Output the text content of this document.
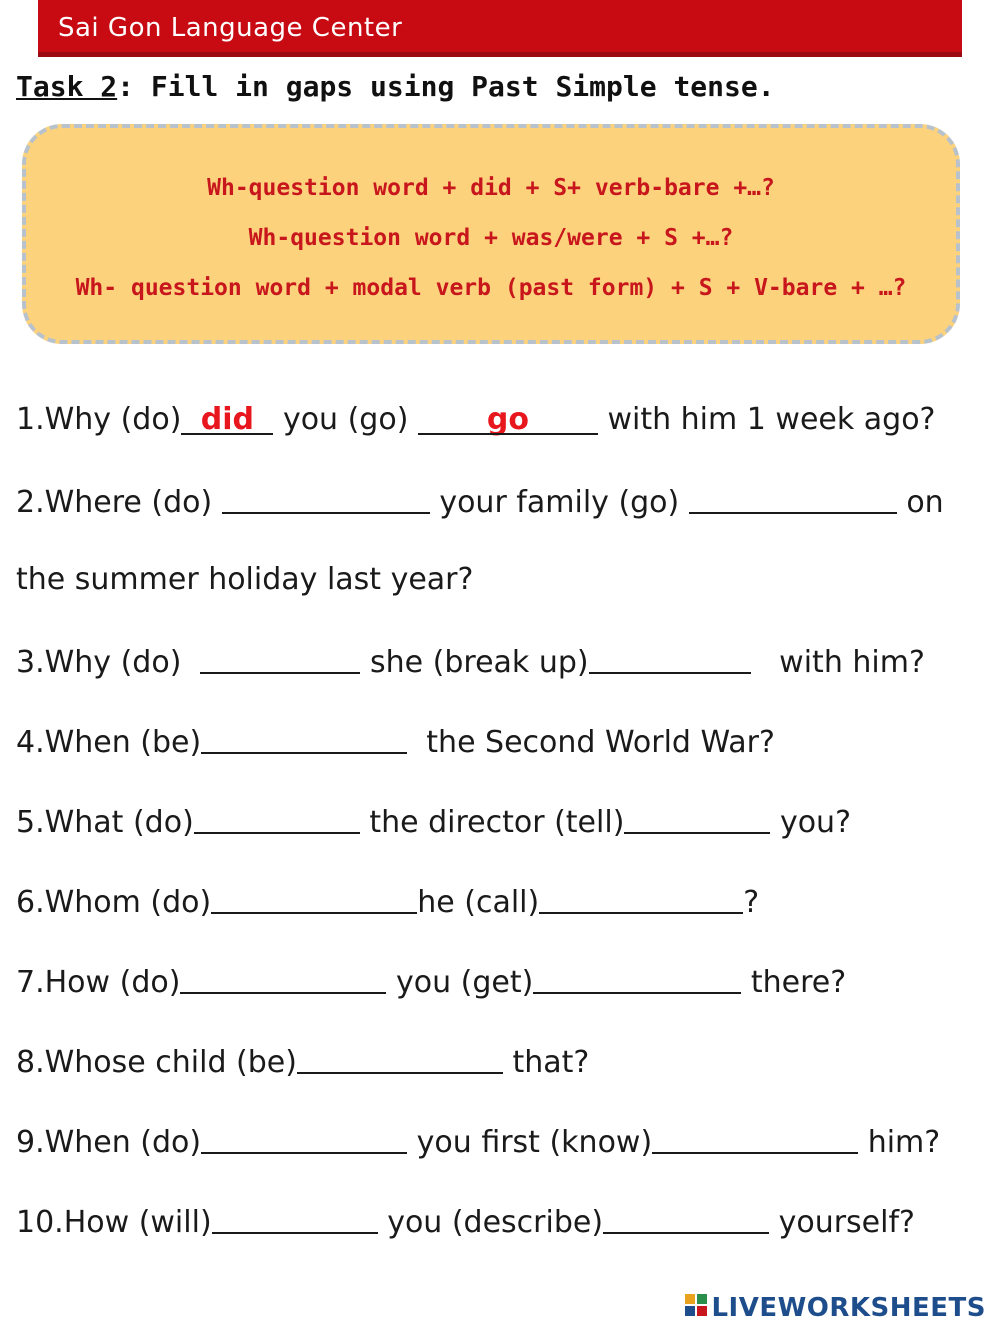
Sai Gon Language Center
Task 2: Fill in gaps using Past Simple tense.
Wh-question word + did + S+ verb-bare +…?
Wh-question word + was/were + S +…?
Wh- question word + modal verb (past form) + S + V-bare + …?
1.Why (do) did you (go) go with him 1 week ago?
2.Where (do)	your family (go)	on
the summer holiday last year?
3.Why (do)	she (break up)	with him?
4.When (be)	the Second World War?
5.What (do)	the director (tell)	you?
6.Whom (do)	he (call)	?
7.How (do)	you (get)	there?
8.Whose child (be)	that?
9.When (do)	you first (know)	him?
10.How (will)	you (describe)	yourself?
LIVEWORKSHEETS
